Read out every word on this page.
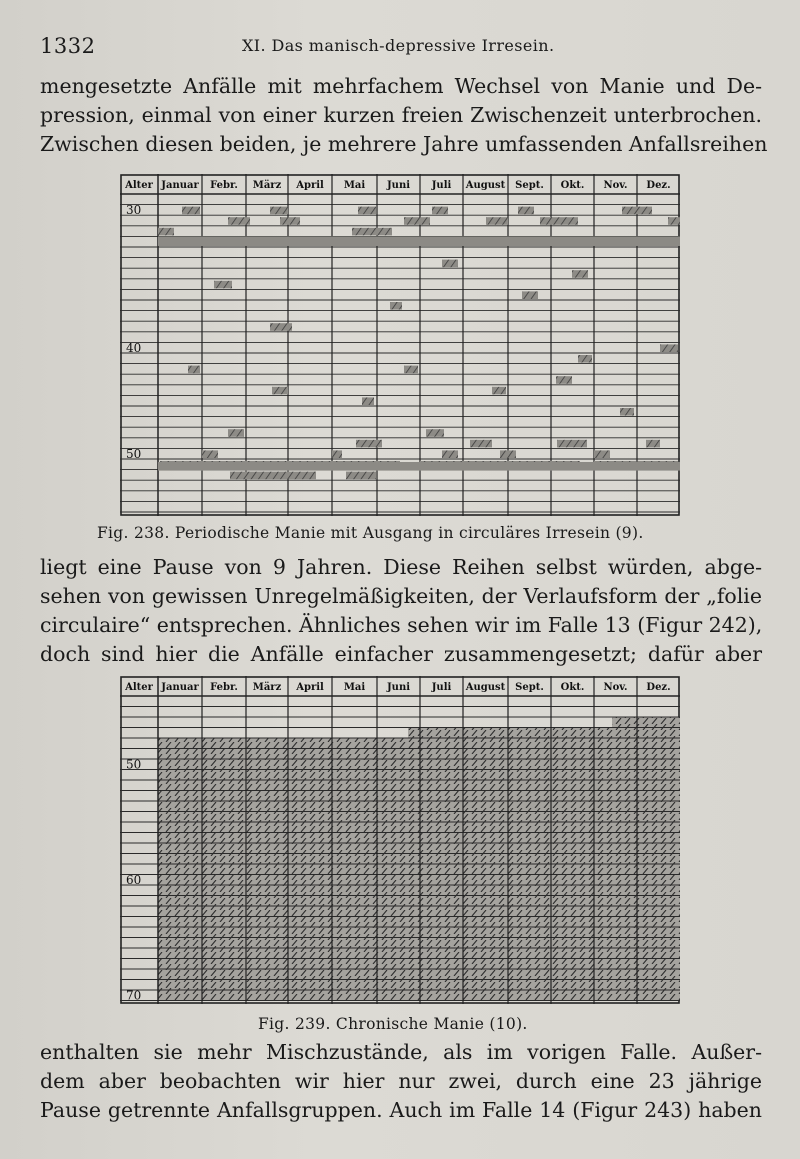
1332	XI. Das manisch-depressive Irresein.
mengesetzte Anfälle mit mehrfachem Wechsel von Manie und De-
pression, einmal von einer kurzen freien Zwischenzeit unterbrochen.
Zwischen diesen beiden, je mehrere Jahre umfassenden Anfallsreihen
Alter Januar Febr. März April Mai Juni Juli August Sept. Okt. Nov. Dez.
30
40
50
Fig. 238. Periodische Manie mit Ausgang in circuläres Irresein (9).
liegt eine Pause von 9 Jahren. Diese Reihen selbst würden, abge-
sehen von gewissen Unregelmäßigkeiten, der Verlaufsform der „folie
circulaire“ entsprechen. Ähnliches sehen wir im Falle 13 (Figur 242),
doch sind hier die Anfälle einfacher zusammengesetzt; dafür aber
Alter Januar Febr. März April Mai Juni Juli August Sept. Okt. Nov. Dez.
50
60
70
Fig. 239. Chronische Manie (10).
enthalten sie mehr Mischzustände, als im vorigen Falle. Außer-
dem aber beobachten wir hier nur zwei, durch eine 23 jährige
Pause getrennte Anfallsgruppen. Auch im Falle 14 (Figur 243) haben
